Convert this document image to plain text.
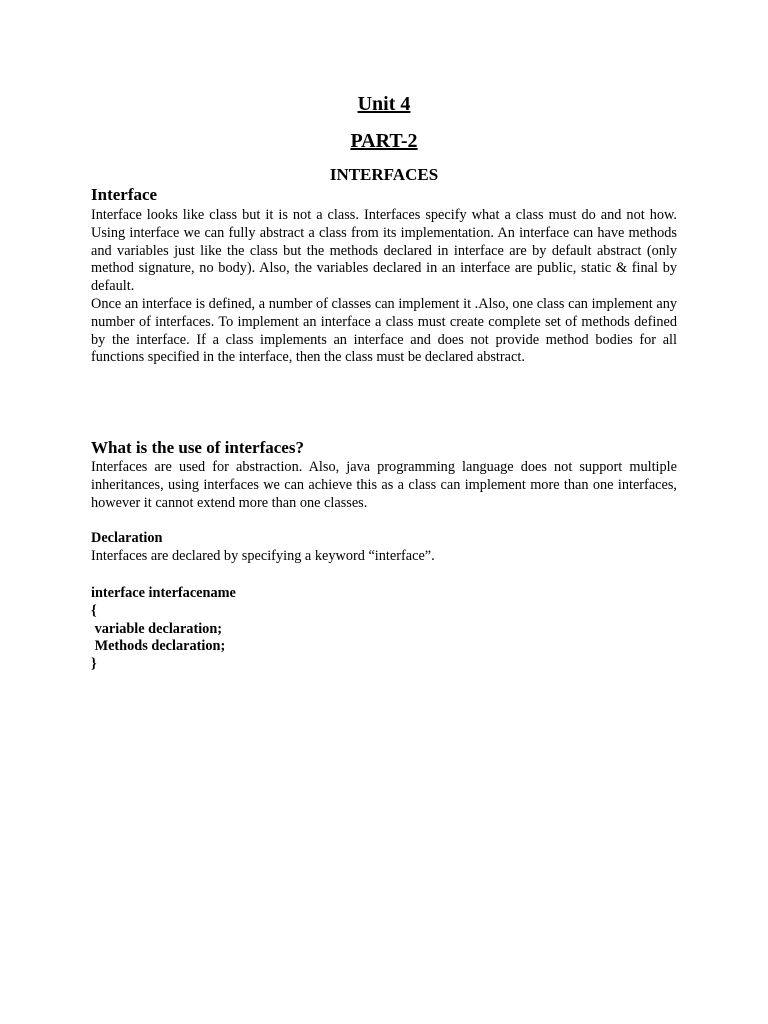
Unit 4
PART-2
INTERFACES
Interface

Interface looks like class but it is not a class. Interfaces specify what a class must do and not how. Using interface we can fully abstract a class from its implementation. An interface can have methods and variables just like the class but the methods declared in interface are by default abstract (only method signature, no body). Also, the variables declared in an interface are public, static & final by default.

Once an interface is defined, a number of classes can implement it .Also, one class can implement any number of interfaces. To implement an interface a class must create complete set of methods defined by the interface. If a class implements an interface and does not provide method bodies for all functions specified in the interface, then the class must be declared abstract.

What is the use of interfaces?

Interfaces are used for abstraction. Also, java programming language does not support multiple inheritances, using interfaces we can achieve this as a class can implement more than one interfaces, however it cannot extend more than one classes.

Declaration

Interfaces are declared by specifying a keyword “interface”.

interface interfacename
{
variable declaration;
Methods declaration;
}
